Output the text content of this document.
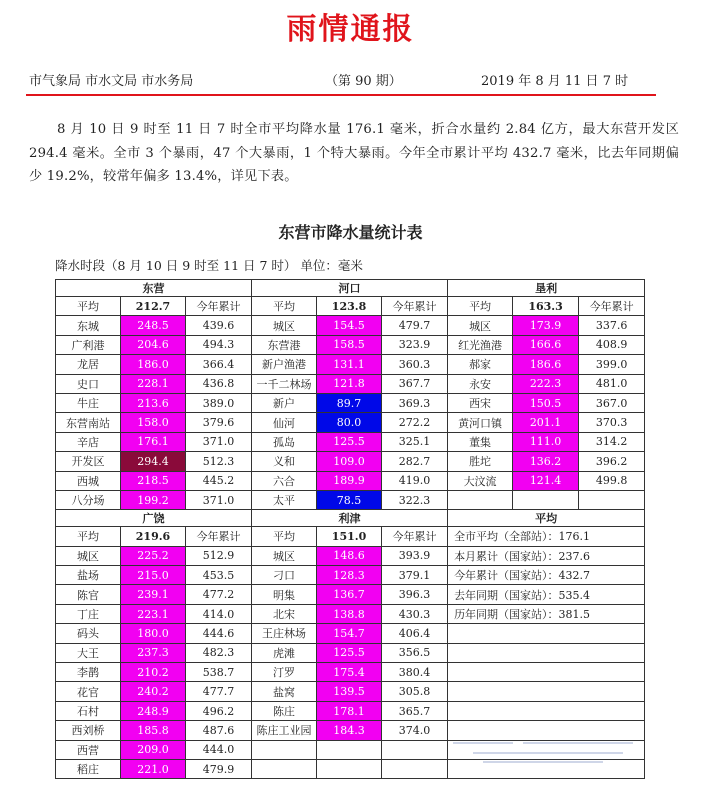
雨情通报
市气象局 市水文局 市水务局	（第 90 期）	2019 年 8 月 11 日 7 时
8 月 10 日 9 时至 11 日 7 时全市平均降水量 176.1 毫米，折合水量约 2.84 亿方，最大东营开发区 294.4 毫米。全市 3 个暴雨，47 个大暴雨，1 个特大暴雨。今年全市累计平均 432.7 毫米，比去年同期偏少 19.2%，较常年偏多 13.4%，详见下表。
东营市降水量统计表
降水时段（8 月 10 日 9 时至 11 日 7 时） 单位：毫米
东营			河口			垦利		
平均	212.7	今年累计	平均	123.8	今年累计	平均	163.3	今年累计
东城	248.5	439.6	城区	154.5	479.7	城区	173.9	337.6
广利港	204.6	494.3	东营港	158.5	323.9	红光渔港	166.6	408.9
龙居	186.0	366.4	新户渔港	131.1	360.3	郝家	186.6	399.0
史口	228.1	436.8	一千二林场	121.8	367.7	永安	222.3	481.0
牛庄	213.6	389.0	新户	89.7	369.3	西宋	150.5	367.0
东营南站	158.0	379.6	仙河	80.0	272.2	黄河口镇	201.1	370.3
辛店	176.1	371.0	孤岛	125.5	325.1	董集	111.0	314.2
开发区	294.4	512.3	义和	109.0	282.7	胜坨	136.2	396.2
西城	218.5	445.2	六合	189.9	419.0	大汶流	121.4	499.8
八分场	199.2	371.0	太平	78.5	322.3			
广饶			利津			平均		
平均	219.6	今年累计	平均	151.0	今年累计	全市平均（全部站）：176.1		
城区	225.2	512.9	城区	148.6	393.9	本月累计（国家站）：237.6		
盐场	215.0	453.5	刁口	128.3	379.1	今年累计（国家站）：432.7		
陈官	239.1	477.2	明集	136.7	396.3	去年同期（国家站）：535.4		
丁庄	223.1	414.0	北宋	138.8	430.3	历年同期（国家站）：381.5		
码头	180.0	444.6	王庄林场	154.7	406.4			
大王	237.3	482.3	虎滩	125.5	356.5			
李鹊	210.2	538.7	汀罗	175.4	380.4			
花官	240.2	477.7	盐窝	139.5	305.8			
石村	248.9	496.2	陈庄	178.1	365.7			
西刘桥	185.8	487.6	陈庄工业园	184.3	374.0			
西营	209.0	444.0						
稻庄	221.0	479.9						
